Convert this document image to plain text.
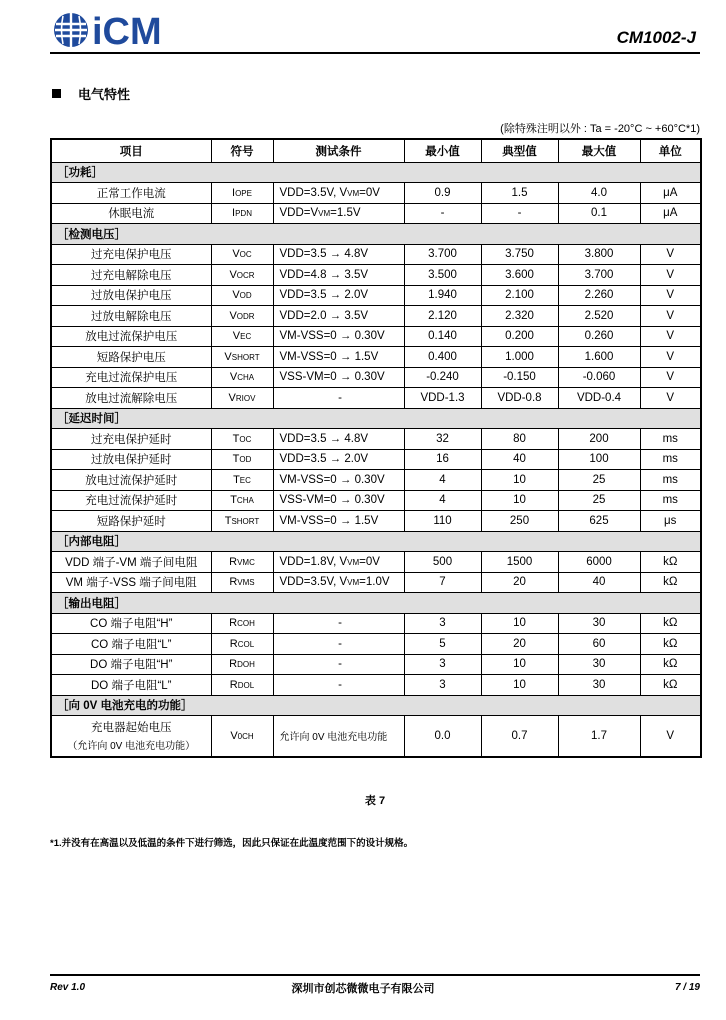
iCM	CM1002-J
电气特性
(除特殊注明以外 : Ta = -20°C ~ +60°C*1)
项目	符号	测试条件	最小值	典型值	最大值	单位
［功耗］						
正常工作电流	IOPE	VDD=3.5V, VVM=0V	0.9	1.5	4.0	μA
休眠电流	IPDN	VDD=VVM=1.5V	-	-	0.1	μA
［检测电压］						
过充电保护电压	VOC	VDD=3.5 → 4.8V	3.700	3.750	3.800	V
过充电解除电压	VOCR	VDD=4.8 → 3.5V	3.500	3.600	3.700	V
过放电保护电压	VOD	VDD=3.5 → 2.0V	1.940	2.100	2.260	V
过放电解除电压	VODR	VDD=2.0 → 3.5V	2.120	2.320	2.520	V
放电过流保护电压	VEC	VM-VSS=0 → 0.30V	0.140	0.200	0.260	V
短路保护电压	VSHORT	VM-VSS=0 → 1.5V	0.400	1.000	1.600	V
充电过流保护电压	VCHA	VSS-VM=0 → 0.30V	-0.240	-0.150	-0.060	V
放电过流解除电压	VRIOV	-	VDD-1.3	VDD-0.8	VDD-0.4	V
［延迟时间］						
过充电保护延时	TOC	VDD=3.5 → 4.8V	32	80	200	ms
过放电保护延时	TOD	VDD=3.5 → 2.0V	16	40	100	ms
放电过流保护延时	TEC	VM-VSS=0 → 0.30V	4	10	25	ms
充电过流保护延时	TCHA	VSS-VM=0 → 0.30V	4	10	25	ms
短路保护延时	TSHORT	VM-VSS=0 → 1.5V	110	250	625	μs
［内部电阻］						
VDD 端子-VM 端子间电阻	RVMC	VDD=1.8V, VVM=0V	500	1500	6000	kΩ
VM 端子-VSS 端子间电阻	RVMS	VDD=3.5V, VVM=1.0V	7	20	40	kΩ
［输出电阻］						
CO 端子电阻“H”	RCOH	-	3	10	30	kΩ
CO 端子电阻“L”	RCOL	-	5	20	60	kΩ
DO 端子电阻“H”	RDOH	-	3	10	30	kΩ
DO 端子电阻“L”	RDOL	-	3	10	30	kΩ
［向 0V 电池充电的功能］						
充电器起始电压
（允许向 0V 电池充电功能）	V0CH	允许向 0V 电池充电功能	0.0	0.7	1.7	V
表 7
*1.并没有在高温以及低温的条件下进行筛选，因此只保证在此温度范围下的设计规格。
Rev 1.0	深圳市创芯微微电子有限公司	7 / 19
